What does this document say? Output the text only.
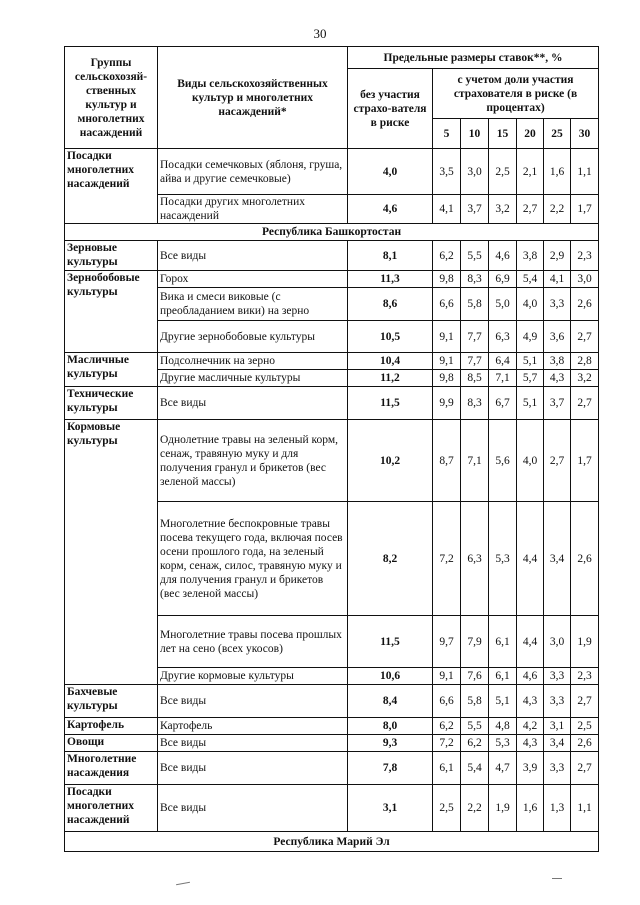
30
Группы сельскохозяй-ственных культур и многолетних насаждений	Виды сельскохозяйственных культур и многолетних насаждений*	Предельные размеры ставок**, %						
		без участия страхо-вателя в риске	с учетом доли участия страхователя в риске (в процентах)					
			5	10	15	20	25	30
Посадки многолетних насаждений	Посадки семечковых (яблоня, груша, айва и другие семечковые)	4,0	3,5	3,0	2,5	2,1	1,6	1,1
	Посадки других многолетних насаждений	4,6	4,1	3,7	3,2	2,7	2,2	1,7
Республика Башкортостан								
Зерновые культуры	Все виды	8,1	6,2	5,5	4,6	3,8	2,9	2,3
Зернобобовые культуры	Горох	11,3	9,8	8,3	6,9	5,4	4,1	3,0
	Вика и смеси виковые (с преобладанием вики) на зерно	8,6	6,6	5,8	5,0	4,0	3,3	2,6
	Другие зернобобовые культуры	10,5	9,1	7,7	6,3	4,9	3,6	2,7
Масличные культуры	Подсолнечник на зерно	10,4	9,1	7,7	6,4	5,1	3,8	2,8
	Другие масличные культуры	11,2	9,8	8,5	7,1	5,7	4,3	3,2
Технические культуры	Все виды	11,5	9,9	8,3	6,7	5,1	3,7	2,7
Кормовые культуры	Однолетние травы на зеленый корм, сенаж, травяную муку и для получения гранул и брикетов (вес зеленой массы)	10,2	8,7	7,1	5,6	4,0	2,7	1,7
	Многолетние беспокровные травы посева текущего года, включая посев осени прошлого года, на зеленый корм, сенаж, силос, травяную муку и для получения гранул и брикетов (вес зеленой массы)	8,2	7,2	6,3	5,3	4,4	3,4	2,6
	Многолетние травы посева прошлых лет на сено (всех укосов)	11,5	9,7	7,9	6,1	4,4	3,0	1,9
	Другие кормовые культуры	10,6	9,1	7,6	6,1	4,6	3,3	2,3
Бахчевые культуры	Все виды	8,4	6,6	5,8	5,1	4,3	3,3	2,7
Картофель	Картофель	8,0	6,2	5,5	4,8	4,2	3,1	2,5
Овощи	Все виды	9,3	7,2	6,2	5,3	4,3	3,4	2,6
Многолетние насаждения	Все виды	7,8	6,1	5,4	4,7	3,9	3,3	2,7
Посадки многолетних насаждений	Все виды	3,1	2,5	2,2	1,9	1,6	1,3	1,1
Республика Марий Эл								
